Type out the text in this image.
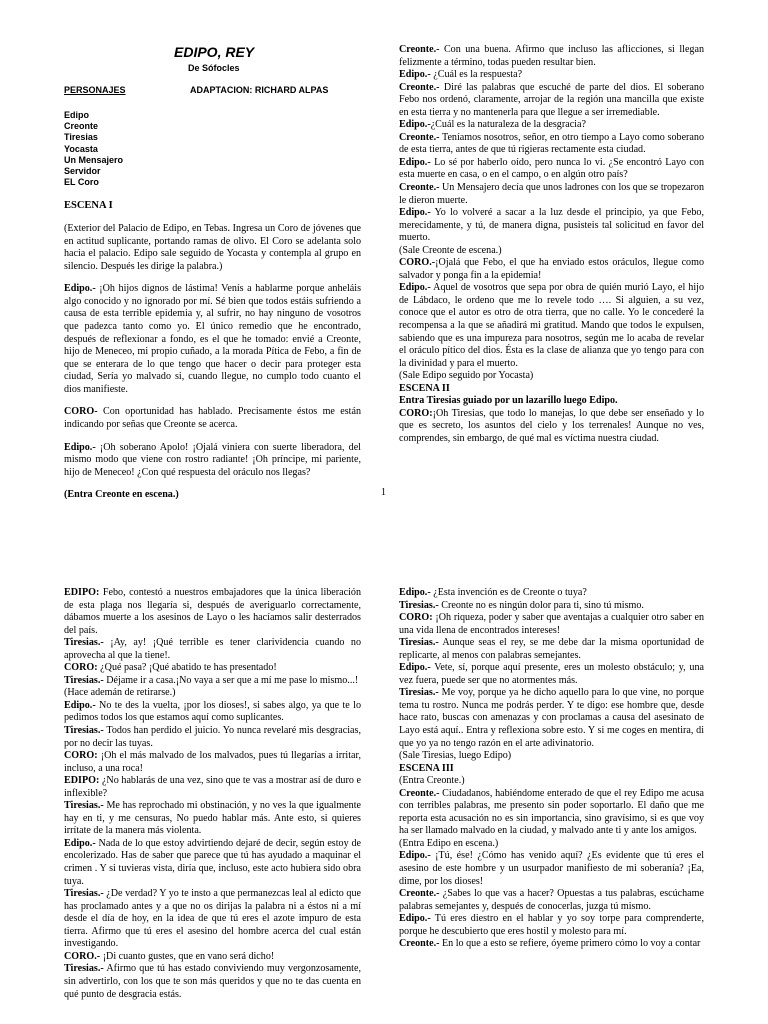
EDIPO, REY
De Sófocles
PERSONAJES	ADAPTACION: RICHARD ALPAS
Edipo
Creonte
Tiresias
Yocasta
Un Mensajero
Servidor
EL Coro
ESCENA I

(Exterior del Palacio de Edipo, en Tebas. Ingresa un Coro de jóvenes que en actitud suplicante, portando ramas de olivo. El Coro se adelanta solo hacia el palacio. Edipo sale seguido de Yocasta y contempla al grupo en silencio. Después les dirige la palabra.)

Edipo.- ¡Oh hijos dignos de lástima! Venís a hablarme porque anheláis algo conocido y no ignorado por mí. Sé bien que todos estáis sufriendo a causa de esta terrible epidemia y, al sufrir, no hay ninguno de vosotros que padezca tanto como yo. El único remedio que he encontrado, después de reflexionar a fondo, es el que he tomado: envié a Creonte, hijo de Meneceo, mi propio cuñado, a la morada Pítica de Febo, a fin de que se enterara de lo que tengo que hacer o decir para proteger esta ciudad, Sería yo malvado si, cuando llegue, no cumplo todo cuanto el dios manifieste.

CORO- Con oportunidad has hablado. Precisamente éstos me están indicando por señas que Creonte se acerca.

Edipo.- ¡Oh soberano Apolo! ¡Ojalá viniera con suerte liberadora, del mismo modo que viene con rostro radiante! ¡Oh príncipe, mi pariente, hijo de Meneceo! ¿Con qué respuesta del oráculo nos llegas?

(Entra Creonte en escena.)

Creonte.- Con una buena. Afirmo que incluso las aflicciones, si llegan felizmente a término, todas pueden resultar bien.

Edipo.- ¿Cuál es la respuesta?

Creonte.- Diré las palabras que escuché de parte del dios. El soberano Febo nos ordenó, claramente, arrojar de la región una mancilla que existe en esta tierra y no mantenerla para que llegue a ser irremediable.

Edipo.-¿Cuál es la naturaleza de la desgracia?

Creonte.- Teníamos nosotros, señor, en otro tiempo a Layo como soberano de esta tierra, antes de que tú rigieras rectamente esta ciudad.

Edipo.- Lo sé por haberlo oído, pero nunca lo vi. ¿Se encontró Layo con esta muerte en casa, o en el campo, o en algún otro país?

Creonte.- Un Mensajero decía que unos ladrones con los que se tropezaron le dieron muerte.

Edipo.- Yo lo volveré a sacar a la luz desde el principio, ya que Febo, merecidamente, y tú, de manera digna, pusisteis tal solicitud en favor del muerto.

(Sale Creonte de escena.)

CORO.-¡Ojalá que Febo, el que ha enviado estos oráculos, llegue como salvador y ponga fin a la epidemia!

Edipo.- Aquel de vosotros que sepa por obra de quién murió Layo, el hijo de Lábdaco, le ordeno que me lo revele todo …. Si alguien, a su vez, conoce que el autor es otro de otra tierra, que no calle. Yo le concederé la recompensa a la que se añadirá mi gratitud. Mando que todos le expulsen, sabiendo que es una impureza para nosotros, según me lo acaba de revelar el oráculo pítico del dios. Ésta es la clase de alianza que yo tengo para con la divinidad y para el muerto.

(Sale Edipo seguido por Yocasta)

ESCENA II

Entra Tiresias guiado por un lazarillo luego Edipo.

CORO:¡Oh Tiresias, que todo lo manejas, lo que debe ser enseñado y lo que es secreto, los asuntos del cielo y los terrenales! Aunque no ves, comprendes, sin embargo, de qué mal es víctima nuestra ciudad.

1

EDIPO: Febo, contestó a nuestros embajadores que la única liberación de esta plaga nos llegaría si, después de averiguarlo correctamente, dábamos muerte a los asesinos de Layo o les hacíamos salir desterrados del país.

Tiresias.- ¡Ay, ay! ¡Qué terrible es tener clarividencia cuando no aprovecha al que la tiene!.

CORO: ¿Qué pasa? ¡Qué abatido te has presentado!

Tiresias.- Déjame ir a casa.¡No vaya a ser que a mí me pase lo mismo...!

(Hace ademán de retirarse.)

Edipo.- No te des la vuelta, ¡por los dioses!, si sabes algo, ya que te lo pedimos todos los que estamos aquí como suplicantes.

Tiresias.- Todos han perdido el juicio. Yo nunca revelaré mis desgracias, por no decir las tuyas.

CORO: ¡Oh el más malvado de los malvados, pues tú llegarías a irritar, incluso, a una roca!

EDIPO: ¿No hablarás de una vez, sino que te vas a mostrar así de duro e inflexible?

Tiresias.- Me has reprochado mi obstinación, y no ves la que igualmente hay en ti, y me censuras, No puedo hablar más. Ante esto, si quieres irrítate de la manera más violenta.

Edipo.- Nada de lo que estoy advirtiendo dejaré de decir, según estoy de encolerizado. Has de saber que parece que tú has ayudado a maquinar el crimen . Y si tuvieras vista, diría que, incluso, este acto hubiera sido obra tuya.

Tiresias.- ¿De verdad? Y yo te insto a que permanezcas leal al edicto que has proclamado antes y a que no os dirijas la palabra ni a éstos ni a mí desde el día de hoy, en la idea de que tú eres el azote impuro de esta tierra. Afirmo que tú eres el asesino del hombre acerca del cual están investigando.

CORO.- ¡Di cuanto gustes, que en vano será dicho!

Tiresias.- Afirmo que tú has estado conviviendo muy vergonzosamente, sin advertirlo, con los que te son más queridos y que no te das cuenta en qué punto de desgracia estás.

Edipo.- ¿Esta invención es de Creonte o tuya?

Tiresias.- Creonte no es ningún dolor para ti, sino tú mismo.

CORO: ¡Oh riqueza, poder y saber que aventajas a cualquier otro saber en una vida llena de encontrados intereses!

Tiresias.- Aunque seas el rey, se me debe dar la misma oportunidad de replicarte, al menos con palabras semejantes.

Edipo.- Vete, sí, porque aquí presente, eres un molesto obstáculo; y, una vez fuera, puede ser que no atormentes más.

Tiresias.- Me voy, porque ya he dicho aquello para lo que vine, no porque tema tu rostro. Nunca me podrás perder. Y te digo: ese hombre que, desde hace rato, buscas con amenazas y con proclamas a causa del asesinato de Layo está aquí.. Entra y reflexiona sobre esto. Y si me coges en mentira, di que yo ya no tengo razón en el arte adivinatorio.

(Sale Tiresias, luego Edipo)

ESCENA III

(Entra Creonte.)

Creonte.- Ciudadanos, habiéndome enterado de que el rey Edipo me acusa con terribles palabras, me presento sin poder soportarlo. El daño que me reporta esta acusación no es sin importancia, sino gravísimo, si es que voy ha ser llamado malvado en la ciudad, y malvado ante ti y ante los amigos.

(Entra Edipo en escena.)

Edipo.- ¡Tú, ése! ¿Cómo has venido aquí? ¿Es evidente que tú eres el asesino de este hombre y un usurpador manifiesto de mi soberanía? ¡Ea, dime, por los dioses!

Creonte.- ¿Sabes lo que vas a hacer? Opuestas a tus palabras, escúchame palabras semejantes y, después de conocerlas, juzga tú mismo.

Edipo.- Tú eres diestro en el hablar y yo soy torpe para comprenderte, porque he descubierto que eres hostil y molesto para mí.

Creonte.- En lo que a esto se refiere, óyeme primero cómo lo voy a contar
